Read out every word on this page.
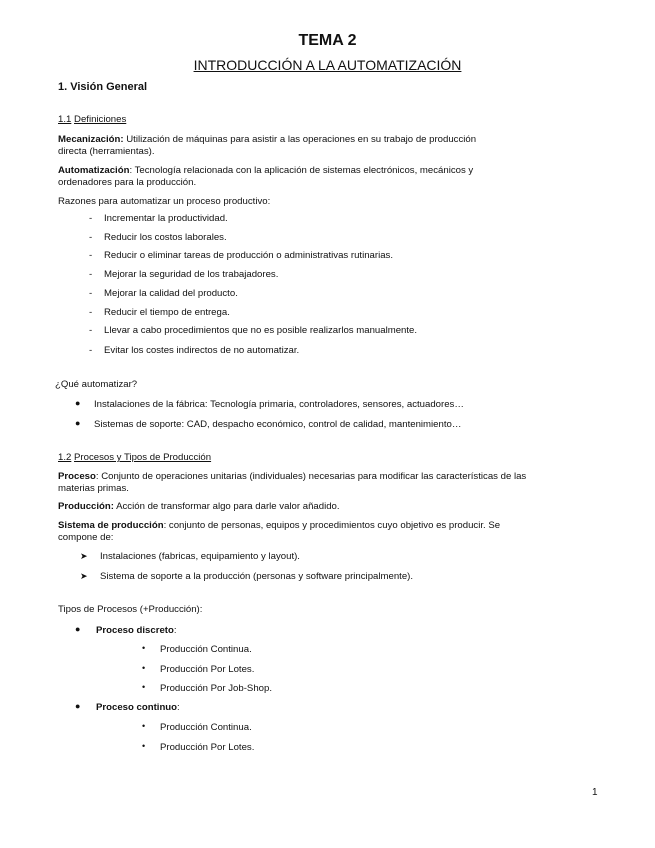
TEMA 2
INTRODUCCIÓN A LA AUTOMATIZACIÓN
1. Visión General
1.1 Definiciones
Mecanización: Utilización de máquinas para asistir a las operaciones en su trabajo de producción
directa (herramientas).
Automatización: Tecnología relacionada con la aplicación de sistemas electrónicos, mecánicos y
ordenadores para la producción.
Razones para automatizar un proceso productivo:
- Incrementar la productividad.
- Reducir los costos laborales.
- Reducir o eliminar tareas de producción o administrativas rutinarias.
- Mejorar la seguridad de los trabajadores.
- Mejorar la calidad del producto.
- Reducir el tiempo de entrega.
- Llevar a cabo procedimientos que no es posible realizarlos manualmente.
- Evitar los costes indirectos de no automatizar.
¿Qué automatizar?
● Instalaciones de la fábrica: Tecnología primaria, controladores, sensores, actuadores…
● Sistemas de soporte: CAD, despacho económico, control de calidad, mantenimiento…
1.2 Procesos y Tipos de Producción
Proceso: Conjunto de operaciones unitarias (individuales) necesarias para modificar las características de las
materias primas.
Producción: Acción de transformar algo para darle valor añadido.
Sistema de producción: conjunto de personas, equipos y procedimientos cuyo objetivo es producir. Se
compone de:
➤ Instalaciones (fabricas, equipamiento y layout).
➤ Sistema de soporte a la producción (personas y software principalmente).
Tipos de Procesos (+Producción):
● Proceso discreto:
• Producción Continua.
• Producción Por Lotes.
• Producción Por Job-Shop.
● Proceso continuo:
• Producción Continua.
• Producción Por Lotes.
1
